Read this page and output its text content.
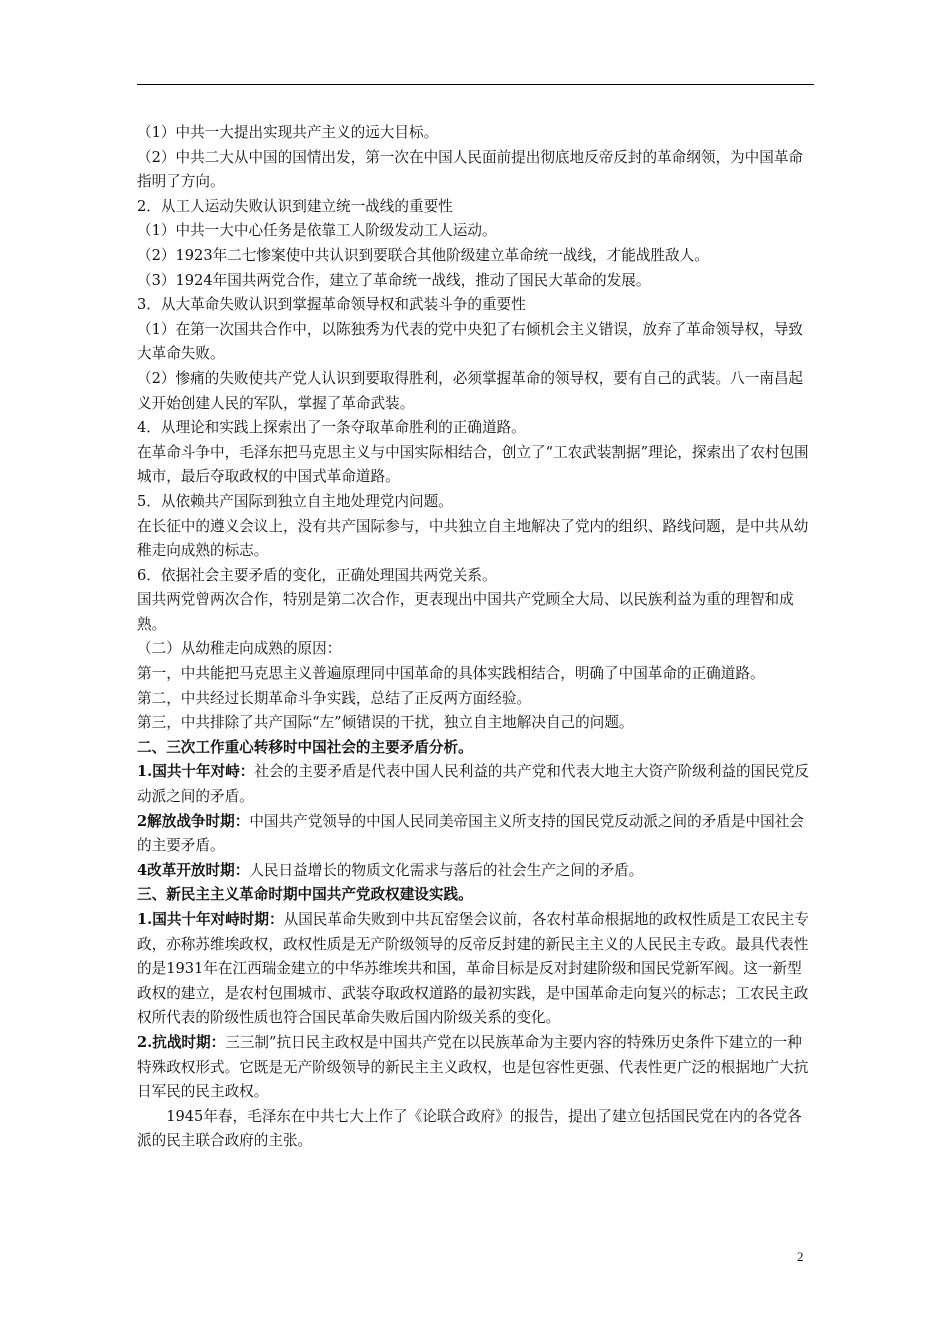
（1）中共一大提出实现共产主义的远大目标。

（2）中共二大从中国的国情出发，第一次在中国人民面前提出彻底地反帝反封的革命纲领，为中国革命指明了方向。

2．从工人运动失败认识到建立统一战线的重要性

（1）中共一大中心任务是依靠工人阶级发动工人运动。

（2）1923年二七惨案使中共认识到要联合其他阶级建立革命统一战线，才能战胜敌人。

（3）1924年国共两党合作，建立了革命统一战线，推动了国民大革命的发展。

3．从大革命失败认识到掌握革命领导权和武装斗争的重要性

（1）在第一次国共合作中，以陈独秀为代表的党中央犯了右倾机会主义错误，放弃了革命领导权，导致大革命失败。

（2）惨痛的失败使共产党人认识到要取得胜利，必须掌握革命的领导权，要有自己的武装。八一南昌起义开始创建人民的军队，掌握了革命武装。

4．从理论和实践上探索出了一条夺取革命胜利的正确道路。

在革命斗争中，毛泽东把马克思主义与中国实际相结合，创立了“工农武装割据”理论，探索出了农村包围城市，最后夺取政权的中国式革命道路。

5．从依赖共产国际到独立自主地处理党内问题。

在长征中的遵义会议上，没有共产国际参与，中共独立自主地解决了党内的组织、路线问题，是中共从幼稚走向成熟的标志。

6．依据社会主要矛盾的变化，正确处理国共两党关系。

国共两党曾两次合作，特别是第二次合作，更表现出中国共产党顾全大局、以民族利益为重的理智和成熟。

（二）从幼稚走向成熟的原因：

第一，中共能把马克思主义普遍原理同中国革命的具体实践相结合，明确了中国革命的正确道路。

第二，中共经过长期革命斗争实践，总结了正反两方面经验。

第三，中共排除了共产国际“左”倾错误的干扰，独立自主地解决自己的问题。

二、三次工作重心转移时中国社会的主要矛盾分析。

1.国共十年对峙：社会的主要矛盾是代表中国人民利益的共产党和代表大地主大资产阶级利益的国民党反动派之间的矛盾。

2解放战争时期：中国共产党领导的中国人民同美帝国主义所支持的国民党反动派之间的矛盾是中国社会的主要矛盾。

4改革开放时期：人民日益增长的物质文化需求与落后的社会生产之间的矛盾。

三、新民主主义革命时期中国共产党政权建设实践。

1.国共十年对峙时期：从国民革命失败到中共瓦窑堡会议前，各农村革命根据地的政权性质是工农民主专政，亦称苏维埃政权，政权性质是无产阶级领导的反帝反封建的新民主主义的人民民主专政。最具代表性的是1931年在江西瑞金建立的中华苏维埃共和国，革命目标是反对封建阶级和国民党新军阀。这一新型政权的建立，是农村包围城市、武装夺取政权道路的最初实践，是中国革命走向复兴的标志；工农民主政权所代表的阶级性质也符合国民革命失败后国内阶级关系的变化。

2.抗战时期：三三制”抗日民主政权是中国共产党在以民族革命为主要内容的特殊历史条件下建立的一种特殊政权形式。它既是无产阶级领导的新民主主义政权，也是包容性更强、代表性更广泛的根据地广大抗日军民的民主政权。

1945年春，毛泽东在中共七大上作了《论联合政府》的报告，提出了建立包括国民党在内的各党各派的民主联合政府的主张。

2
